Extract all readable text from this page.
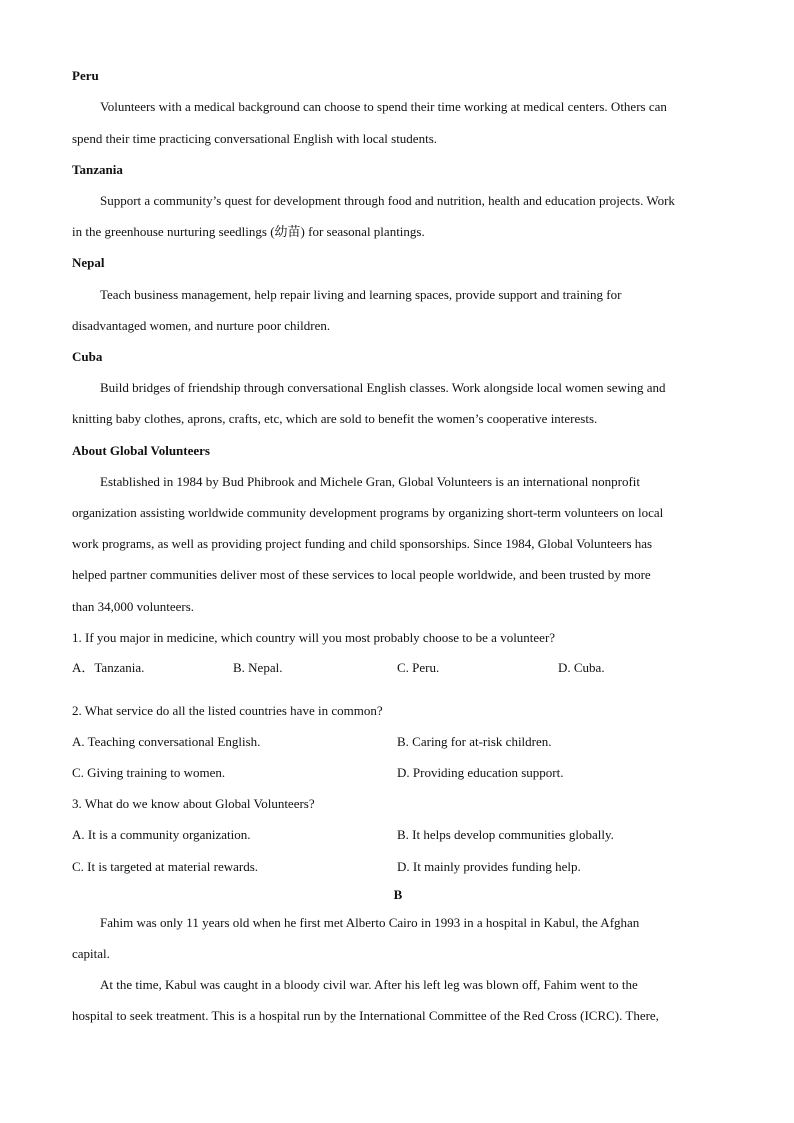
Peru
Volunteers with a medical background can choose to spend their time working at medical centers. Others can
spend their time practicing conversational English with local students.
Tanzania
Support a community’s quest for development through food and nutrition, health and education projects. Work
in the greenhouse nurturing seedlings (幼苗) for seasonal plantings.
Nepal
Teach business management, help repair living and learning spaces, provide support and training for
disadvantaged women, and nurture poor children.
Cuba
Build bridges of friendship through conversational English classes. Work alongside local women sewing and
knitting baby clothes, aprons, crafts, etc, which are sold to benefit the women’s cooperative interests.
About Global Volunteers
Established in 1984 by Bud Phibrook and Michele Gran, Global Volunteers is an international nonprofit
organization assisting worldwide community development programs by organizing short-term volunteers on local
work programs, as well as providing project funding and child sponsorships. Since 1984, Global Volunteers has
helped partner communities deliver most of these services to local people worldwide, and been trusted by more
than 34,000 volunteers.
1. If you major in medicine, which country will you most probably choose to be a volunteer?
A．Tanzania.	B. Nepal.	C. Peru.	D. Cuba.
2. What service do all the listed countries have in common?
A. Teaching conversational English.	B. Caring for at-risk children.
C. Giving training to women.	D. Providing education support.
3. What do we know about Global Volunteers?
A. It is a community organization.	B. It helps develop communities globally.
C. It is targeted at material rewards.	D. It mainly provides funding help.
B
Fahim was only 11 years old when he first met Alberto Cairo in 1993 in a hospital in Kabul, the Afghan
capital.
At the time, Kabul was caught in a bloody civil war. After his left leg was blown off, Fahim went to the
hospital to seek treatment. This is a hospital run by the International Committee of the Red Cross (ICRC). There,
